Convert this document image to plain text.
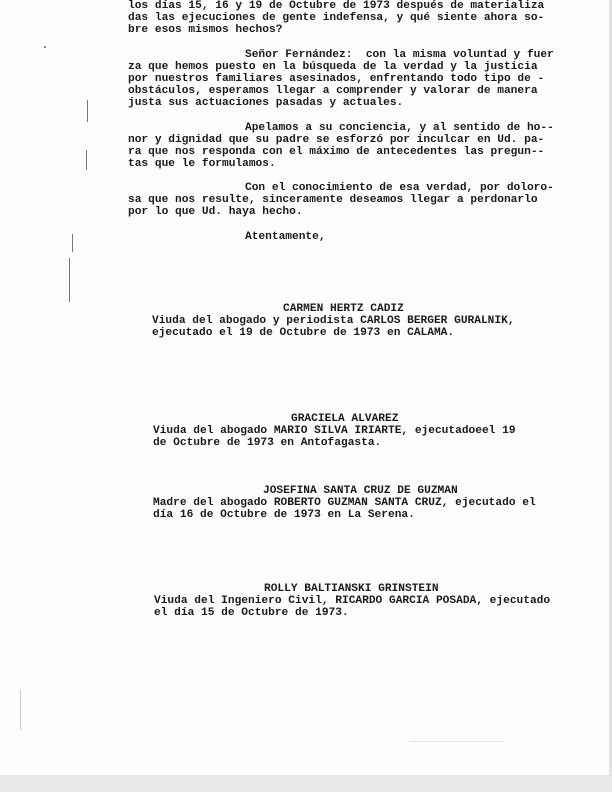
los días 15, 16 y 19 de Octubre de 1973 después de materializa
das las ejecuciones de gente indefensa, y qué siente ahora so-
bre esos mismos hechos?
Señor Fernández:  con la misma voluntad y fuer
za que hemos puesto en la búsqueda de la verdad y la justicia
por nuestros familiares asesinados, enfrentando todo tipo de -
obstáculos, esperamos llegar a comprender y valorar de manera
justa sus actuaciones pasadas y actuales.
Apelamos a su conciencia, y al sentido de ho--
nor y dignidad que su padre se esforzó por inculcar en Ud. pa-
ra que nos responda con el máximo de antecedentes las pregun--
tas que le formulamos.
Con el conocimiento de esa verdad, por doloro-
sa que nos resulte, sinceramente deseamos llegar a perdonarlo
por lo que Ud. haya hecho.
Atentamente,
CARMEN HERTZ CADIZ
Viuda del abogado y periodista CARLOS BERGER GURALNIK,
ejecutado el 19 de Octubre de 1973 en CALAMA.
GRACIELA ALVAREZ
Viuda del abogado MARIO SILVA IRIARTE, ejecutadoeel 19
de Octubre de 1973 en Antofagasta.
JOSEFINA SANTA CRUZ DE GUZMAN
Madre del abogado ROBERTO GUZMAN SANTA CRUZ, ejecutado el
día 16 de Octubre de 1973 en La Serena.
ROLLY BALTIANSKI GRINSTEIN
Viuda del Ingeniero Civil, RICARDO GARCIA POSADA, ejecutado
el día 15 de Octubre de 1973.
‒‒‒‒‒‒‒‒‒‒‒‒
